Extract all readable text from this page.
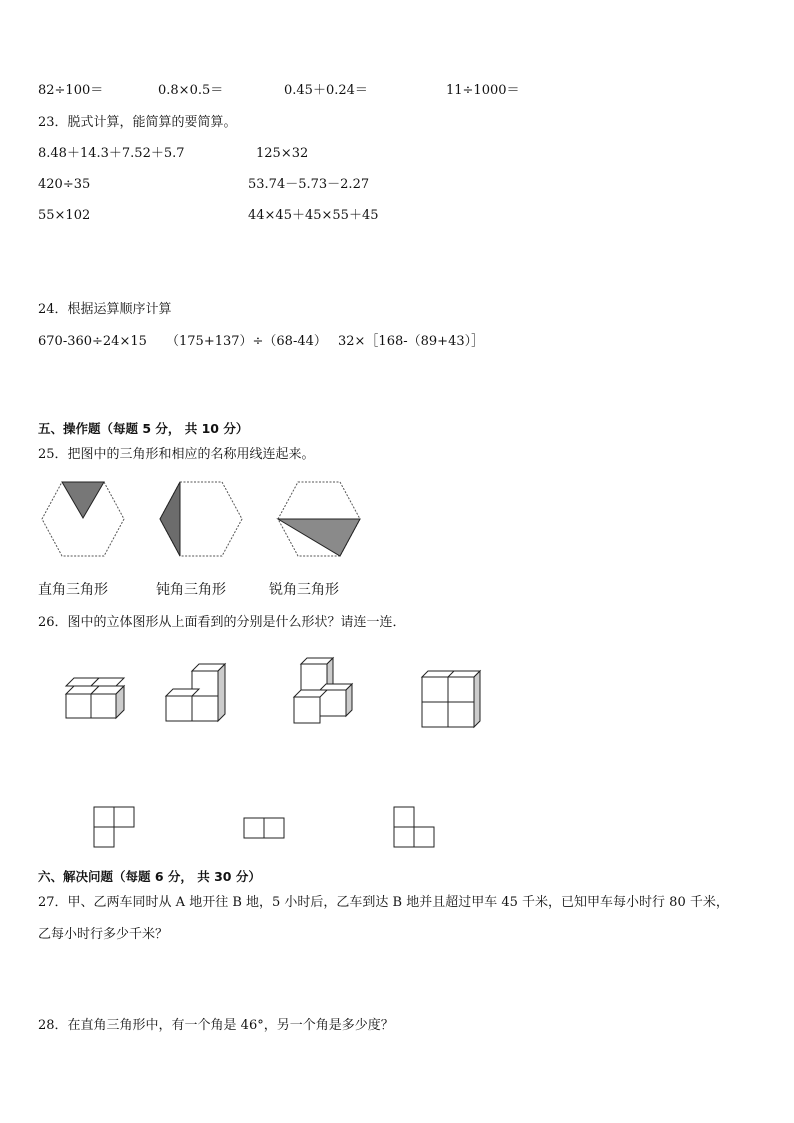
82÷100＝	0.8×0.5＝	0.45＋0.24＝	11÷1000＝
23．脱式计算，能简算的要简算。
8.48＋14.3＋7.52＋5.7	125×32
420÷35	53.74－5.73－2.27
55×102	44×45＋45×55＋45
24．根据运算顺序计算
670-360÷24×15 （175+137）÷（68-44） 32×［168-（89+43）］
五、操作题（每题 5 分， 共 10 分）
25．把图中的三角形和相应的名称用线连起来。
直角三角形	钝角三角形	锐角三角形
26．图中的立体图形从上面看到的分别是什么形状？请连一连．
六、解决问题（每题 6 分， 共 30 分）
27．甲、乙两车同时从 A 地开往 B 地，5 小时后，乙车到达 B 地并且超过甲车 45 千米，已知甲车每小时行 80 千米，
乙每小时行多少千米？
28．在直角三角形中，有一个角是 46°，另一个角是多少度？
